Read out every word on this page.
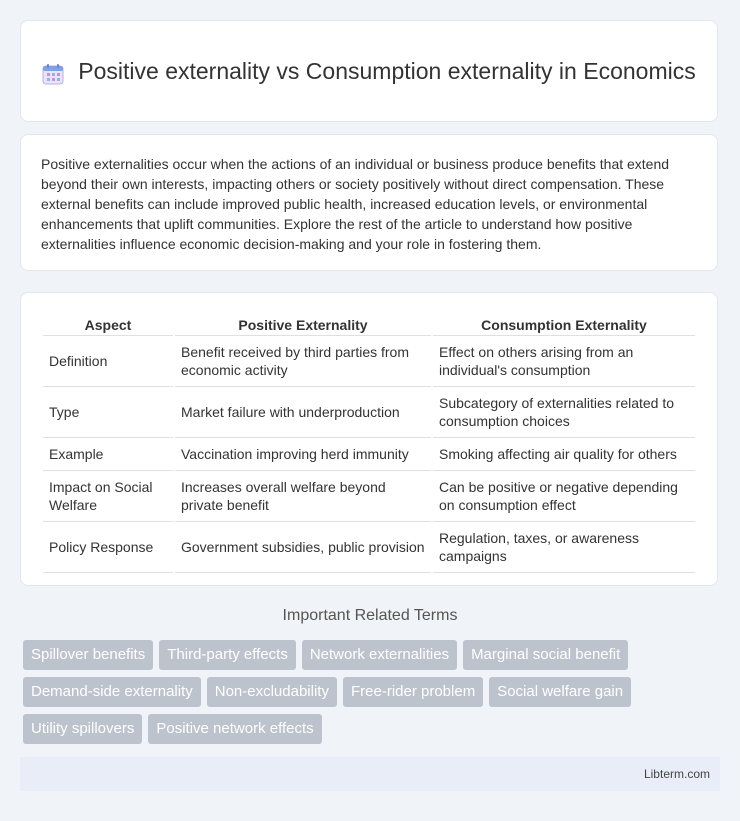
Positive externality vs Consumption externality in Economics

Positive externalities occur when the actions of an individual or business produce benefits that extend beyond their own interests, impacting others or society positively without direct compensation. These external benefits can include improved public health, increased education levels, or environmental enhancements that uplift communities. Explore the rest of the article to understand how positive externalities influence economic decision-making and your role in fostering them.

Aspect	Positive Externality	Consumption Externality
Definition	Benefit received by third parties from economic activity	Effect on others arising from an individual's consumption
Type	Market failure with underproduction	Subcategory of externalities related to consumption choices
Example	Vaccination improving herd immunity	Smoking affecting air quality for others
Impact on Social Welfare	Increases overall welfare beyond private benefit	Can be positive or negative depending on consumption effect
Policy Response	Government subsidies, public provision	Regulation, taxes, or awareness campaigns
Important Related Terms
Spillover benefits	Third-party effects	Network externalities	Marginal social benefit
Demand-side externality	Non-excludability	Free-rider problem	Social welfare gain
Utility spillovers	Positive network effects
Libterm.com
